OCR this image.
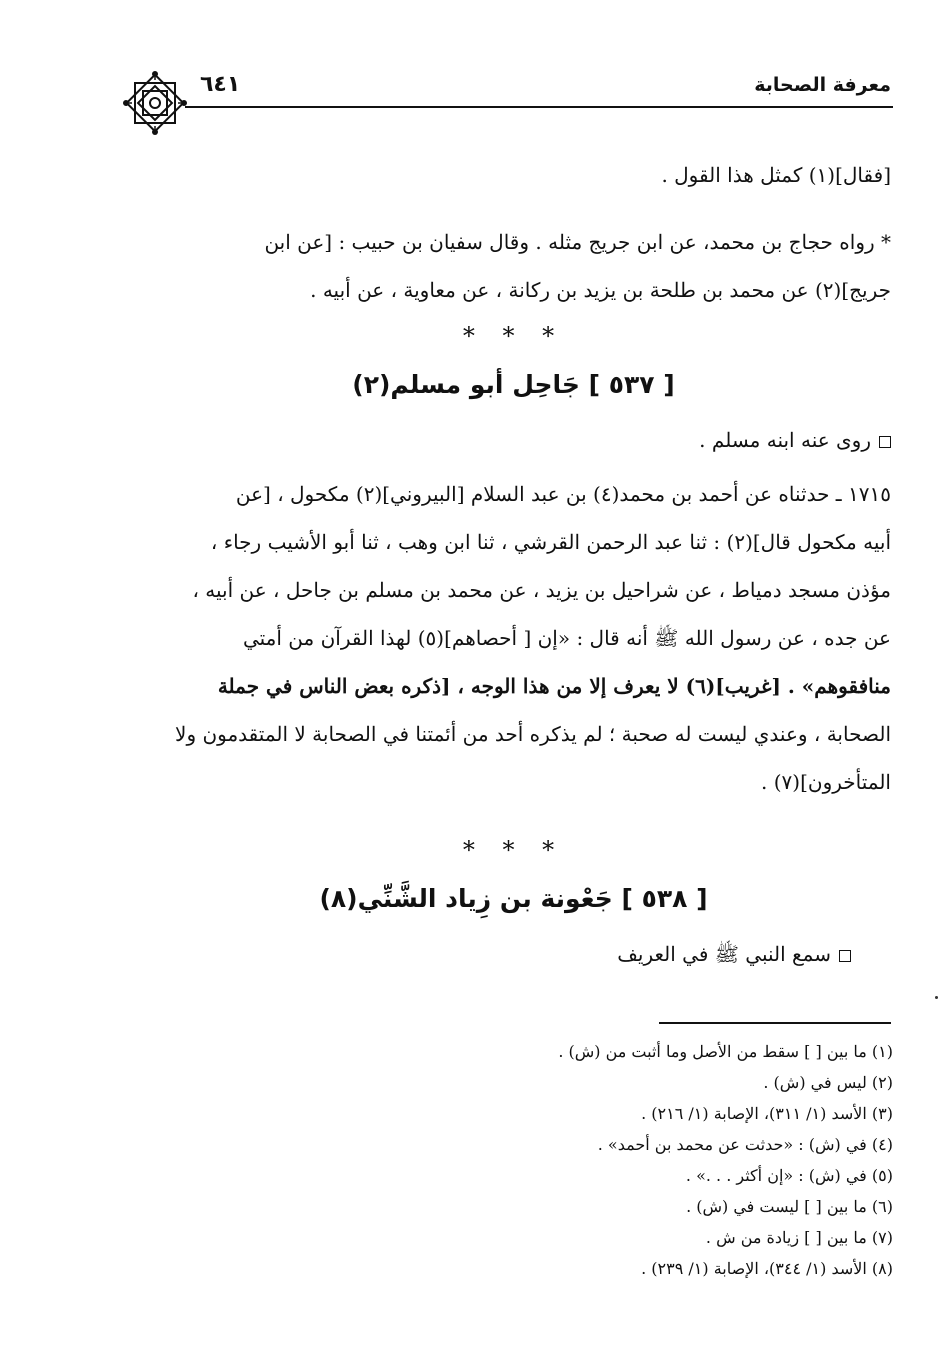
معرفة الصحابة
٦٤١

[فقال](١) كمثل هذا القول .

* رواه حجاج بن محمد، عن ابن جريج مثله . وقال سفيان بن حبيب : [عن ابن

جريج](٢) عن محمد بن طلحة بن يزيد بن ركانة ، عن معاوية ، عن أبيه .

* * *
[ ٥٣٧ ] جَاحِل أبو مسلم(٢)

روى عنه ابنه مسلم .

١٧١٥ ـ حدثناه عن أحمد بن محمد(٤) بن عبد السلام [البيروني](٢) مكحول ، [عن

أبيه مكحول قال](٢) : ثنا عبد الرحمن القرشي ، ثنا ابن وهب ، ثنا أبو الأشيب رجاء ،

مؤذن مسجد دمياط ، عن شراحيل بن يزيد ، عن محمد بن مسلم بن جاحل ، عن أبيه ،

عن جده ، عن رسول الله ﷺ أنه قال : «إن [ أحصاهم](٥) لهذا القرآن من أمتي

منافقوهم» . [غريب](٦) لا يعرف إلا من هذا الوجه ، [ذكره بعض الناس في جملة

الصحابة ، وعندي ليست له صحبة ؛ لم يذكره أحد من أئمتنا في الصحابة لا المتقدمون ولا

المتأخرون](٧) .

* * *
[ ٥٣٨ ] جَعْونة بن زِياد الشَّنِّي(٨)

سمع النبي ﷺ في العريف

(١) ما بين [ ] سقط من الأصل وما أثبت من (ش) .

(٢) ليس في (ش) .

(٣) الأسد (١/ ٣١١)، الإصابة (١/ ٢١٦) .

(٤) في (ش) : «حدثت عن محمد بن أحمد» .

(٥) في (ش) : «إن أكثر . . .» .

(٦) ما بين [ ] ليست في (ش) .

(٧) ما بين [ ] زيادة من ش .

(٨) الأسد (١/ ٣٤٤)، الإصابة (١/ ٢٣٩) .
